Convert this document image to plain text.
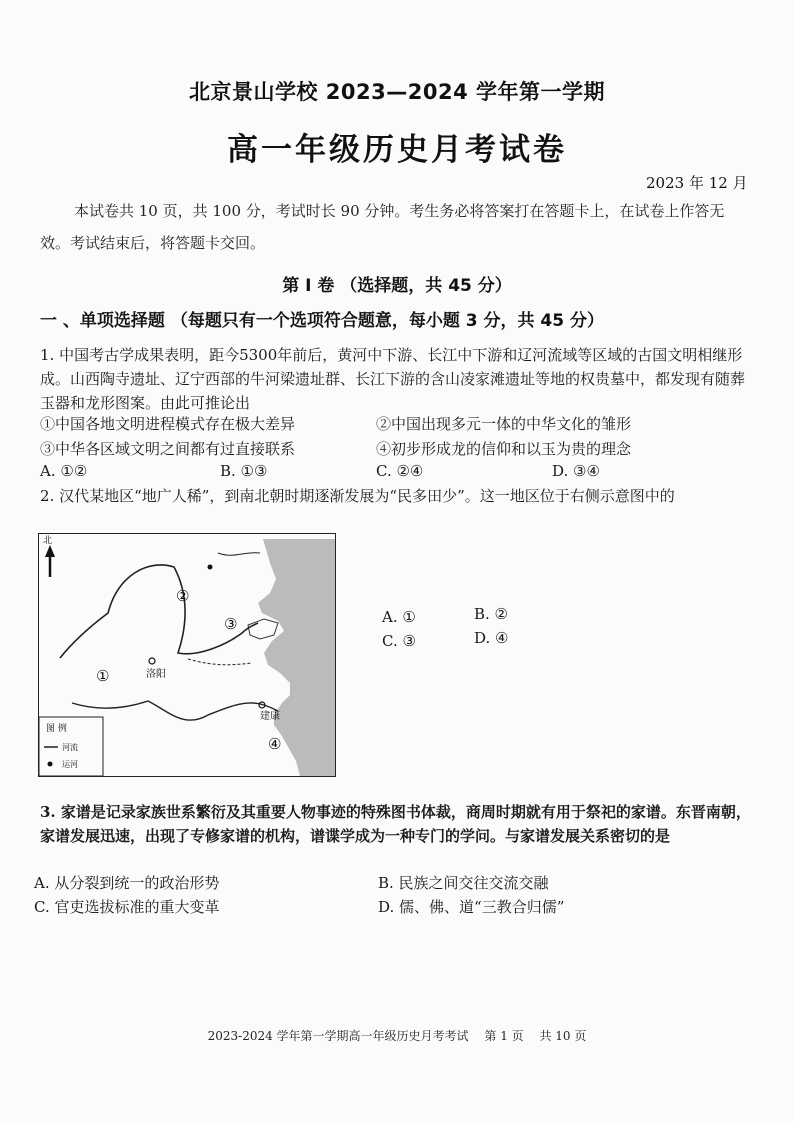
北京景山学校 2023—2024 学年第一学期
高一年级历史月考试卷
2023 年 12 月
本试卷共 10 页，共 100 分，考试时长 90 分钟。考生务必将答案打在答题卡上，在试卷上作答无效。考试结束后，将答题卡交回。
第 Ⅰ 卷 （选择题，共 45 分）
一 、单项选择题 （每题只有一个选项符合题意，每小题 3 分，共 45 分）
1. 中国考古学成果表明，距今5300年前后，黄河中下游、长江中下游和辽河流域等区域的古国文明相继形成。山西陶寺遗址、辽宁西部的牛河梁遗址群、长江下游的含山凌家滩遗址等地的权贵墓中，都发现有随葬玉器和龙形图案。由此可推论出
①中国各地文明进程模式存在极大差异	②中国出现多元一体的中华文化的雏形
③中华各区域文明之间都有过直接联系	④初步形成龙的信仰和以玉为贵的理念
A. ①②	B. ①③	C. ②④	D. ③④
2. 汉代某地区“地广人稀”，到南北朝时期逐渐发展为“民多田少”。这一地区位于右侧示意图中的
北
洛阳
建康
①
②
③
④
图 例
河流
运河
A. ①	B. ②
C. ③	D. ④
3. 家谱是记录家族世系繁衍及其重要人物事迹的特殊图书体裁，商周时期就有用于祭祀的家谱。东晋南朝，家谱发展迅速，出现了专修家谱的机构，谱谍学成为一种专门的学问。与家谱发展关系密切的是
A. 从分裂到统一的政治形势	B. 民族之间交往交流交融
C. 官吏选拔标准的重大变革	D. 儒、佛、道“三教合归儒”
2023-2024 学年第一学期高一年级历史月考考试 第 1 页 共 10 页
